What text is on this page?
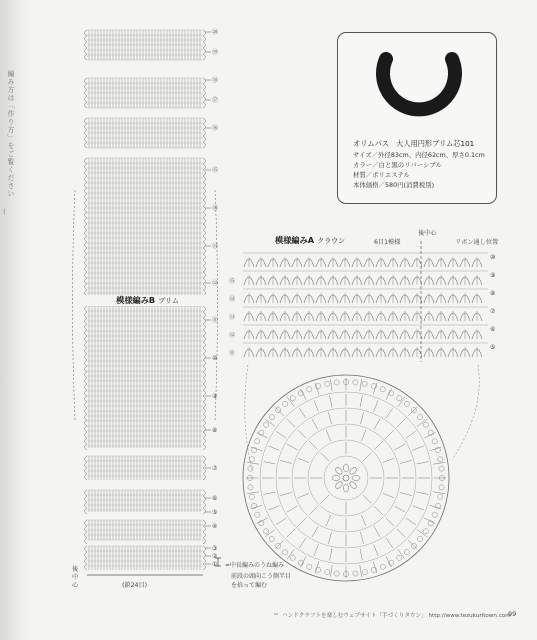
編み方は「作り方」をご覧ください
(
⑳
⑲
⑱
⑰
⑯
⑮
⑭
⑬
⑫
⑪
⑩
⑨
⑧
⑦
⑥
⑤
④
③
②
①
⑩
⑨
⑧
⑦
⑥
⑤
⑮
⑭
⑬
⑫
⑪
オリムパス　大人用円形ブリム芯101
サイズ／外径83cm、内径62cm、厚さ0.1cm
カラー／白と黒のリバーシブル
材質／ポリエステル
本体価格／580円(消費税別)
模様編みA クラウン
後中心
リボン通し位置
6目1模様
模様編みB ブリム
後中心	(鎖24目)
=中長編みのうね編み
前段の頭向こう側半目
を拾って編む
ハンドクラフトを楽しむウェブサイト「手づくりタウン」 http://www.tezukuritown.com
99
